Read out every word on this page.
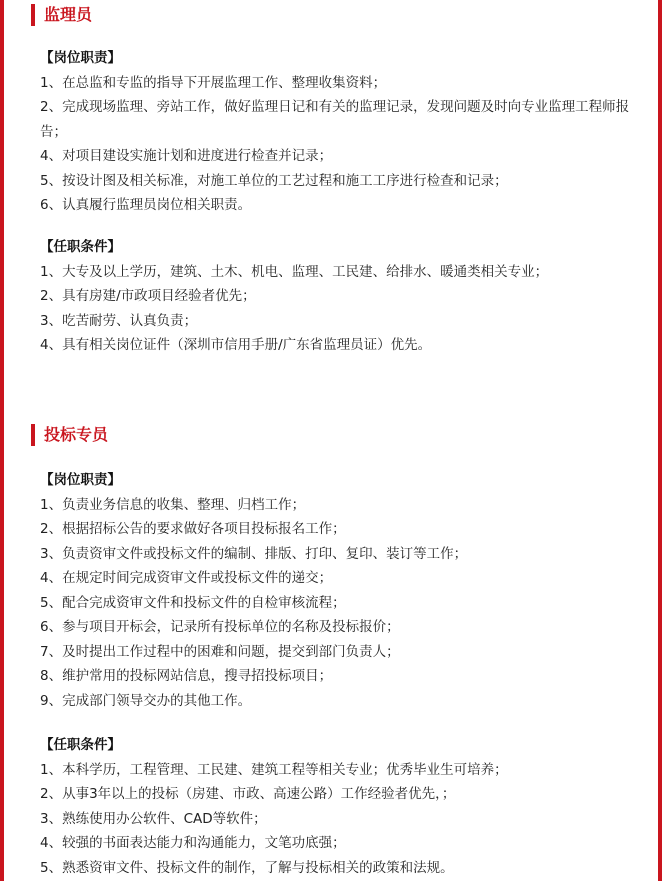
监理员
【岗位职责】
1、在总监和专监的指导下开展监理工作、整理收集资料；
2、完成现场监理、旁站工作，做好监理日记和有关的监理记录，发现问题及时向专业监理工程师报告；
4、对项目建设实施计划和进度进行检查并记录；
5、按设计图及相关标准，对施工单位的工艺过程和施工工序进行检查和记录；
6、认真履行监理员岗位相关职责。
【任职条件】
1、大专及以上学历，建筑、土木、机电、监理、工民建、给排水、暖通类相关专业；
2、具有房建/市政项目经验者优先；
3、吃苦耐劳、认真负责；
4、具有相关岗位证件（深圳市信用手册/广东省监理员证）优先。
投标专员
【岗位职责】
1、负责业务信息的收集、整理、归档工作；
2、根据招标公告的要求做好各项目投标报名工作；
3、负责资审文件或投标文件的编制、排版、打印、复印、装订等工作；
4、在规定时间完成资审文件或投标文件的递交；
5、配合完成资审文件和投标文件的自检审核流程；
6、参与项目开标会，记录所有投标单位的名称及投标报价；
7、及时提出工作过程中的困难和问题，提交到部门负责人；
8、维护常用的投标网站信息，搜寻招投标项目；
9、完成部门领导交办的其他工作。
【任职条件】
1、本科学历，工程管理、工民建、建筑工程等相关专业；优秀毕业生可培养；
2、从事3年以上的投标（房建、市政、高速公路）工作经验者优先，；
3、熟练使用办公软件、CAD等软件；
4、较强的书面表达能力和沟通能力，文笔功底强；
5、熟悉资审文件、投标文件的制作，了解与投标相关的政策和法规。
